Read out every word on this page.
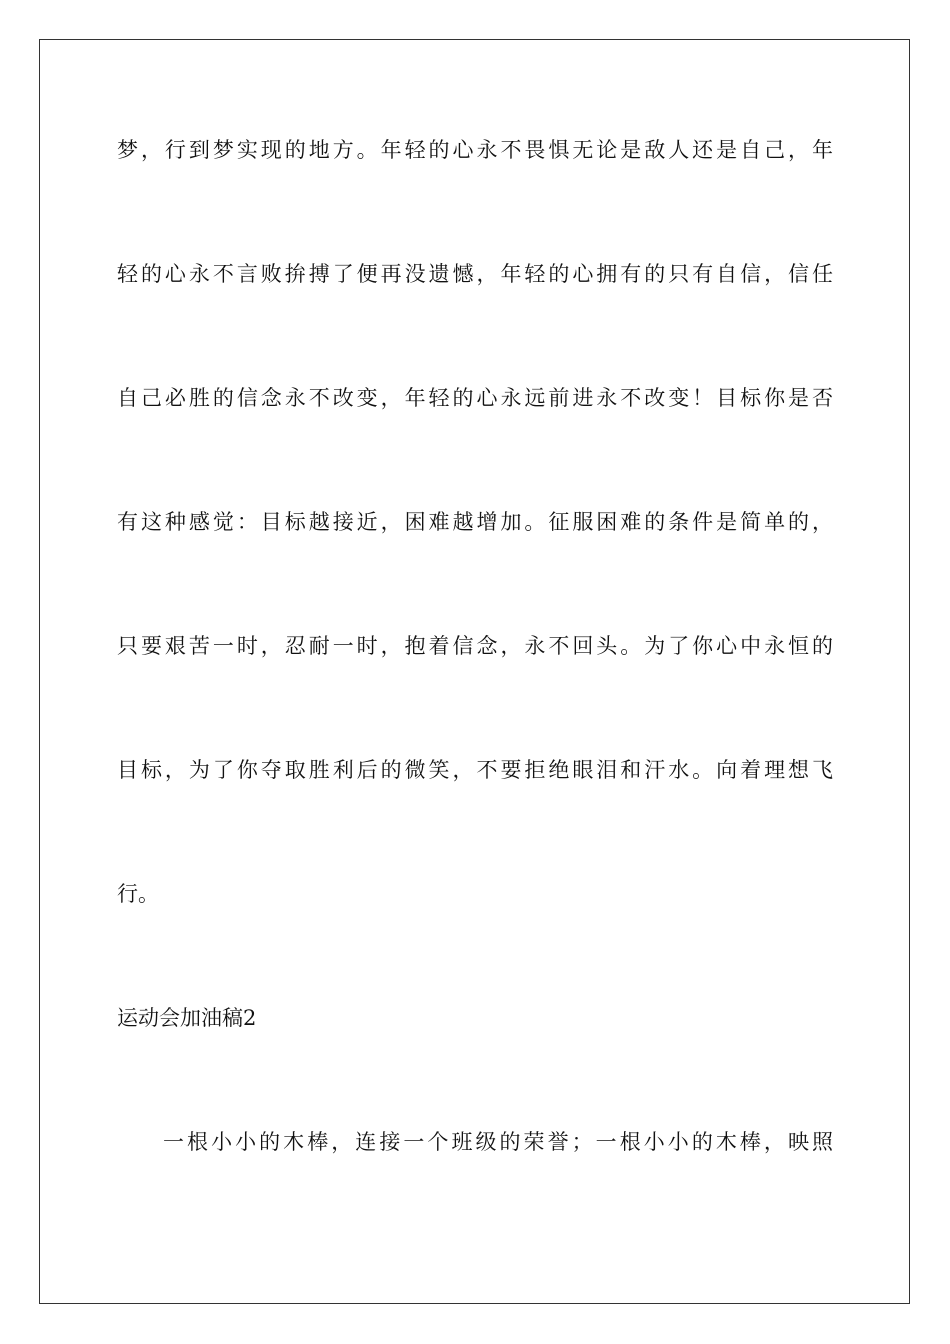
梦，行到梦实现的地方。年轻的心永不畏惧无论是敌人还是自己，年
轻的心永不言败拚搏了便再没遗憾，年轻的心拥有的只有自信，信任
自己必胜的信念永不改变，年轻的心永远前进永不改变！目标你是否
有这种感觉：目标越接近，困难越增加。征服困难的条件是简单的，
只要艰苦一时，忍耐一时，抱着信念，永不回头。为了你心中永恒的
目标，为了你夺取胜利后的微笑，不要拒绝眼泪和汗水。向着理想飞
行。
运动会加油稿2
一根小小的木棒，连接一个班级的荣誉；一根小小的木棒，映照
